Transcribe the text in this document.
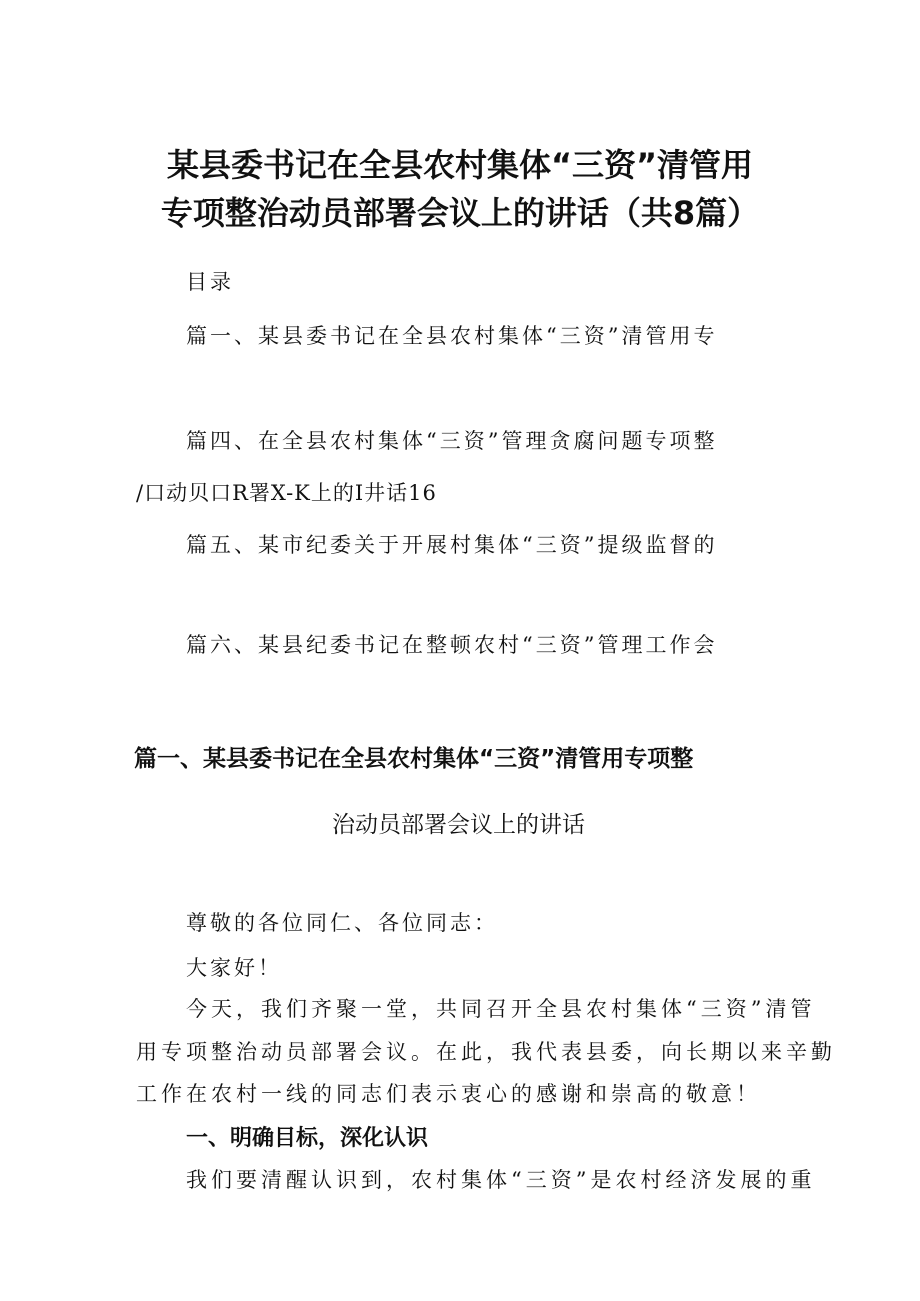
某县委书记在全县农村集体“三资”清管用
专项整治动员部署会议上的讲话（共8篇）
目录
篇一、某县委书记在全县农村集体“三资”清管用专
篇四、在全县农村集体“三资”管理贪腐问题专项整
/口动贝口R署X-K上的I井话16
篇五、某市纪委关于开展村集体“三资”提级监督的
篇六、某县纪委书记在整顿农村“三资”管理工作会
篇一、某县委书记在全县农村集体“三资”清管用专项整
治动员部署会议上的讲话
尊敬的各位同仁、各位同志：
大家好！
今天，我们齐聚一堂，共同召开全县农村集体“三资”清管
用专项整治动员部署会议。在此，我代表县委，向长期以来辛勤
工作在农村一线的同志们表示衷心的感谢和崇高的敬意！
一、明确目标，深化认识
我们要清醒认识到，农村集体“三资”是农村经济发展的重
